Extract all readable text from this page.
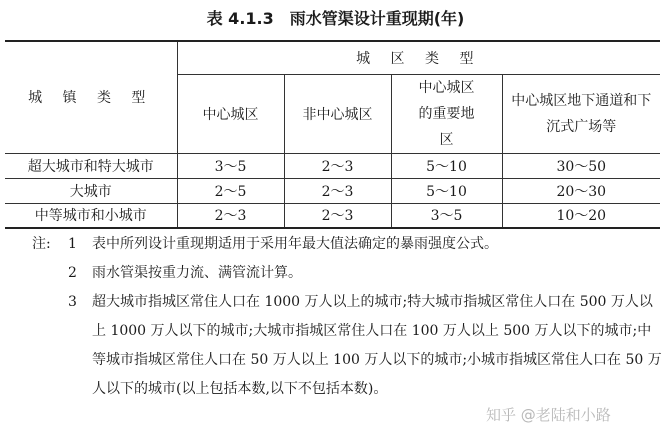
表 4.1.3　雨水管渠设计重现期(年)
城 镇 类 型	城 区 类 型			
	中心城区	非中心城区	中心城区的重要地区	中心城区地下通道和下沉式广场等
超大城市和特大城市	3～5	2～3	5～10	30～50
大城市	2～5	2～3	5～10	20～30
中等城市和小城市	2～3	2～3	3～5	10～20
注: 1 表中所列设计重现期适用于采用年最大值法确定的暴雨强度公式。
2 雨水管渠按重力流、满管流计算。
3 超大城市指城区常住人口在 1000 万人以上的城市;特大城市指城区常住人口在 500 万人以上 1000 万人以下的城市;大城市指城区常住人口在 100 万人以上 500 万人以下的城市;中等城市指城区常住人口在 50 万人以上 100 万人以下的城市;小城市指城区常住人口在 50 万人以下的城市(以上包括本数,以下不包括本数)。
知乎 @老陆和小路
